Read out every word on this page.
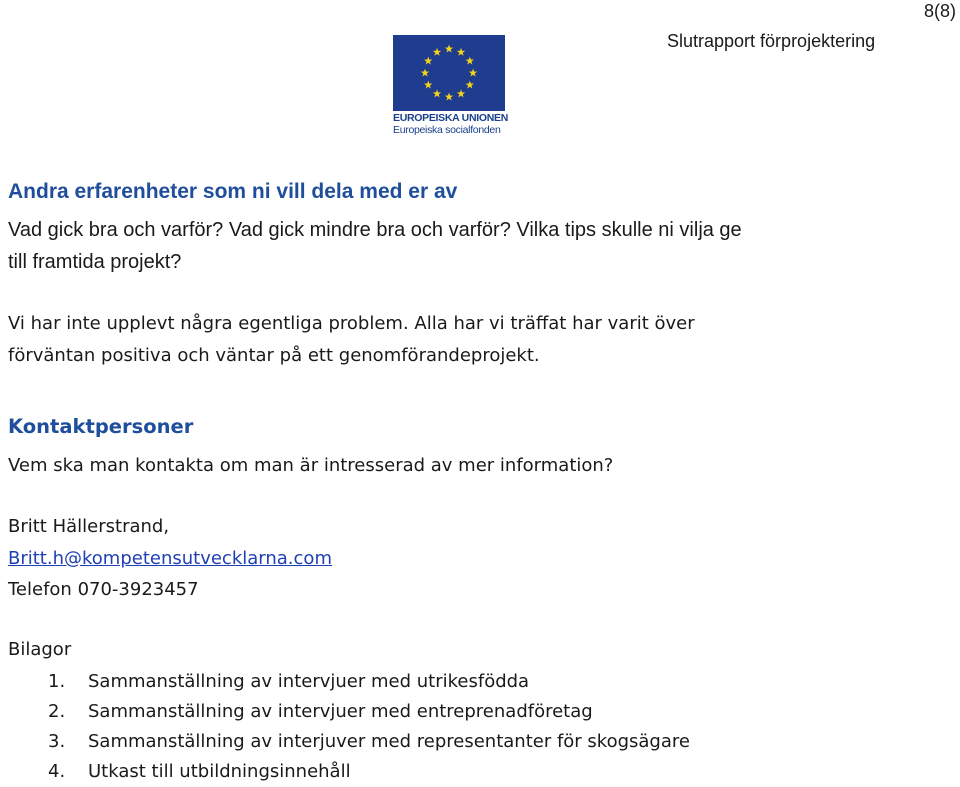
8(8)
Slutrapport förprojektering
EUROPEISKA UNIONEN
Europeiska socialfonden
Andra erfarenheter som ni vill dela med er av
Vad gick bra och varför? Vad gick mindre bra och varför? Vilka tips skulle ni vilja ge
till framtida projekt?
Vi har inte upplevt några egentliga problem. Alla har vi träffat har varit över
förväntan positiva och väntar på ett genomförandeprojekt.
Kontaktpersoner
Vem ska man kontakta om man är intresserad av mer information?
Britt Hällerstrand,
Britt.h@kompetensutvecklarna.com
Telefon 070-3923457
Bilagor
1. Sammanställning av intervjuer med utrikesfödda
2. Sammanställning av intervjuer med entreprenadföretag
3. Sammanställning av interjuver med representanter för skogsägare
4. Utkast till utbildningsinnehåll
